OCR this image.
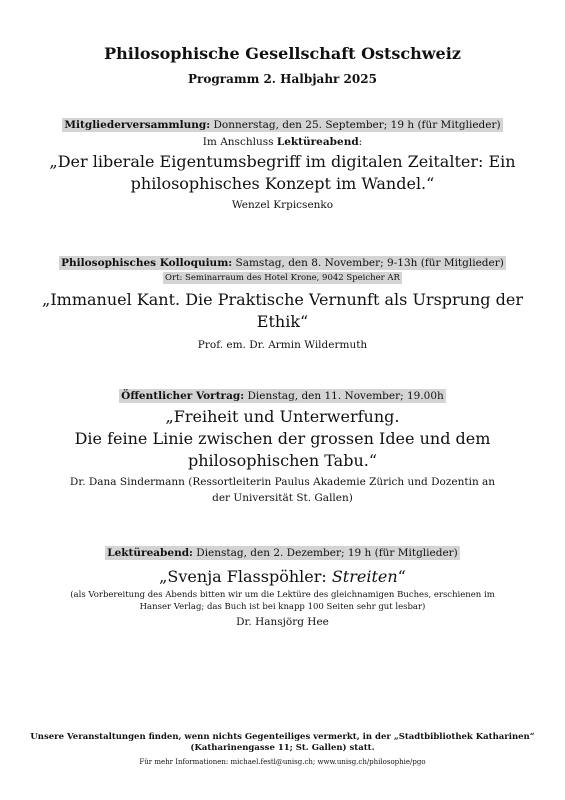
Philosophische Gesellschaft Ostschweiz
Programm 2. Halbjahr 2025
Mitgliederversammlung: Donnerstag, den 25. September; 19 h (für Mitglieder)
Im Anschluss Lektüreabend:
„Der liberale Eigentumsbegriff im digitalen Zeitalter: Ein
philosophisches Konzept im Wandel.“
Wenzel Krpicsenko
Philosophisches Kolloquium: Samstag, den 8. November; 9-13h (für Mitglieder)
Ort: Seminarraum des Hotel Krone, 9042 Speicher AR
„Immanuel Kant. Die Praktische Vernunft als Ursprung der
Ethik“
Prof. em. Dr. Armin Wildermuth
Öffentlicher Vortrag: Dienstag, den 11. November; 19.00h
„Freiheit und Unterwerfung.
Die feine Linie zwischen der grossen Idee und dem
philosophischen Tabu.“
Dr. Dana Sindermann (Ressortleiterin Paulus Akademie Zürich und Dozentin an
der Universität St. Gallen)
Lektüreabend: Dienstag, den 2. Dezember; 19 h (für Mitglieder)
„Svenja Flasspöhler: Streiten“
(als Vorbereitung des Abends bitten wir um die Lektüre des gleichnamigen Buches, erschienen im
Hanser Verlag; das Buch ist bei knapp 100 Seiten sehr gut lesbar)
Dr. Hansjörg Hee
Unsere Veranstaltungen finden, wenn nichts Gegenteiliges vermerkt, in der „Stadtbibliothek Katharinen“
(Katharinengasse 11; St. Gallen) statt.
Für mehr Informationen: michael.festl@unisg.ch; www.unisg.ch/philosophie/pgo
